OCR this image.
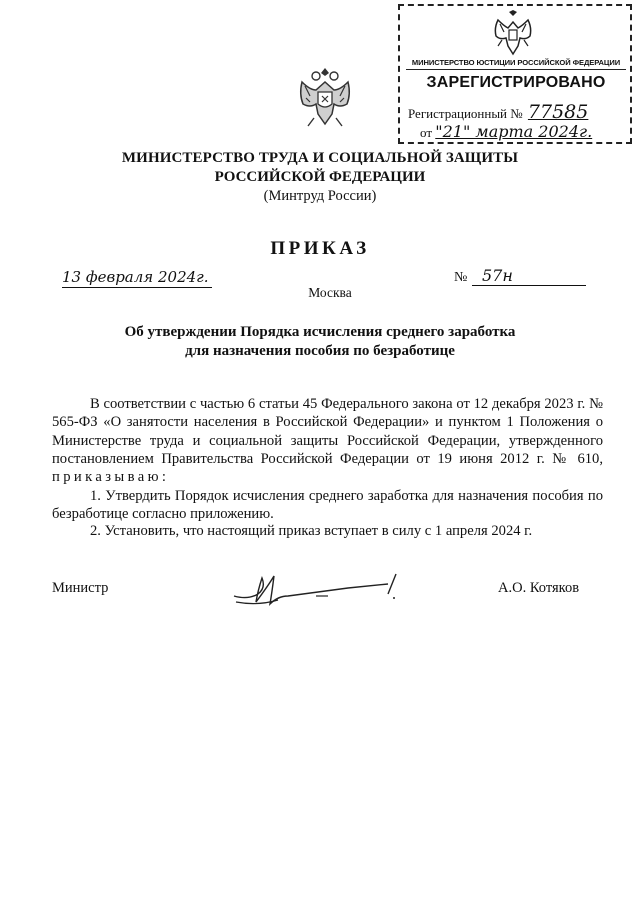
МИНИСТЕРСТВО ЮСТИЦИИ РОССИЙСКОЙ ФЕДЕРАЦИИ
ЗАРЕГИСТРИРОВАНО
Регистрационный № 77585
от "21" марта 2024г.
МИНИСТЕРСТВО ТРУДА И СОЦИАЛЬНОЙ ЗАЩИТЫ
РОССИЙСКОЙ ФЕДЕРАЦИИ
(Минтруд России)
ПРИКАЗ
13 февраля 2024г.	№ 57н
Москва
Об утверждении Порядка исчисления среднего заработка
для назначения пособия по безработице
В соответствии с частью 6 статьи 45 Федерального закона от 12 декабря 2023 г. № 565-ФЗ «О занятости населения в Российской Федерации» и пунктом 1 Положения о Министерстве труда и социальной защиты Российской Федерации, утвержденного постановлением Правительства Российской Федерации от 19 июня 2012 г. № 610, приказываю:
1. Утвердить Порядок исчисления среднего заработка для назначения пособия по безработице согласно приложению.
2. Установить, что настоящий приказ вступает в силу с 1 апреля 2024 г.
Министр	А.О. Котяков
